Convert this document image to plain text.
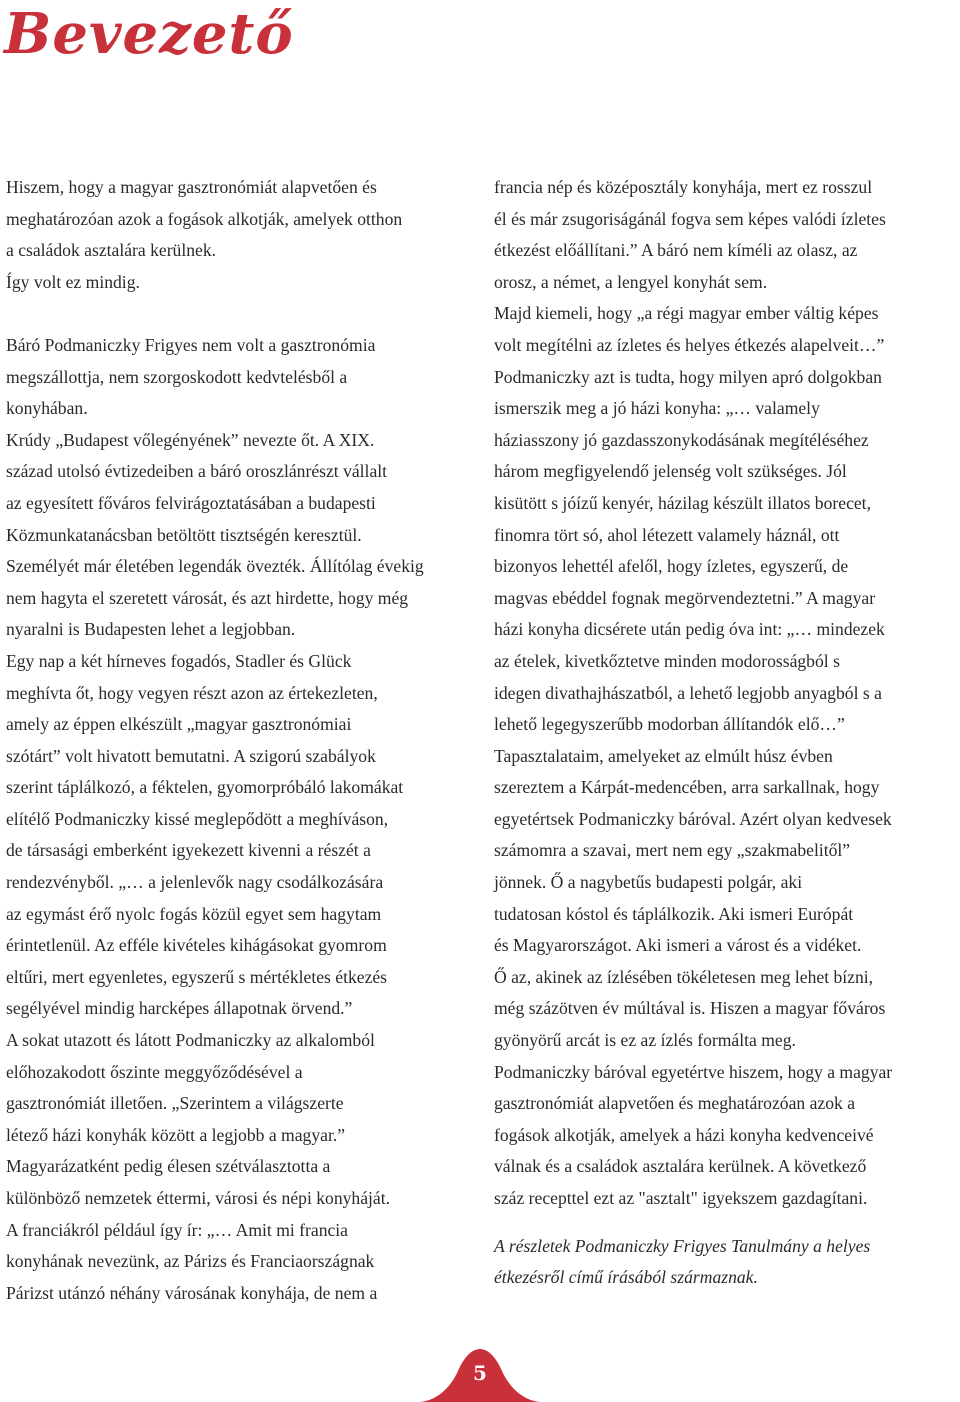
Bevezető
Hiszem, hogy a magyar gasztronómiát alapvetően és
meghatározóan azok a fogások alkotják, amelyek otthon
a családok asztalára kerülnek.
Így volt ez mindig.
Báró Podmaniczky Frigyes nem volt a gasztronómia
megszállottja, nem szorgoskodott kedvtelésből a
konyhában.
Krúdy „Budapest vőlegényének” nevezte őt. A XIX.
század utolsó évtizedeiben a báró oroszlánrészt vállalt
az egyesített főváros felvirágoztatásában a budapesti
Közmunkatanácsban betöltött tisztségén keresztül.
Személyét már életében legendák övezték. Állítólag évekig
nem hagyta el szeretett városát, és azt hirdette, hogy még
nyaralni is Budapesten lehet a legjobban.
Egy nap a két hírneves fogadós, Stadler és Glück
meghívta őt, hogy vegyen részt azon az értekezleten,
amely az éppen elkészült „magyar gasztronómiai
szótárt” volt hivatott bemutatni. A szigorú szabályok
szerint táplálkozó, a féktelen, gyomorpróbáló lakomákat
elítélő Podmaniczky kissé meglepődött a meghíváson,
de társasági emberként igyekezett kivenni a részét a
rendezvényből. „… a jelenlevők nagy csodálkozására
az egymást érő nyolc fogás közül egyet sem hagytam
érintetlenül. Az efféle kivételes kihágásokat gyomrom
eltűri, mert egyenletes, egyszerű s mértékletes étkezés
segélyével mindig harcképes állapotnak örvend.”
A sokat utazott és látott Podmaniczky az alkalomból
előhozakodott őszinte meggyőződésével a
gasztronómiát illetően. „Szerintem a világszerte
létező házi konyhák között a legjobb a magyar.”
Magyarázatként pedig élesen szétválasztotta a
különböző nemzetek éttermi, városi és népi konyháját.
A franciákról például így ír: „… Amit mi francia
konyhának nevezünk, az Párizs és Franciaországnak
Párizst utánzó néhány városának konyhája, de nem a
francia nép és középosztály konyhája, mert ez rosszul
él és már zsugoriságánál fogva sem képes valódi ízletes
étkezést előállítani.” A báró nem kíméli az olasz, az
orosz, a német, a lengyel konyhát sem.
Majd kiemeli, hogy „a régi magyar ember váltig képes
volt megítélni az ízletes és helyes étkezés alapelveit…”
Podmaniczky azt is tudta, hogy milyen apró dolgokban
ismerszik meg a jó házi konyha: „… valamely
háziasszony jó gazdasszonykodásának megítéléséhez
három megfigyelendő jelenség volt szükséges. Jól
kisütött s jóízű kenyér, házilag készült illatos borecet,
finomra tört só, ahol létezett valamely háznál, ott
bizonyos lehettél afelől, hogy ízletes, egyszerű, de
magvas ebéddel fognak megörvendeztetni.” A magyar
házi konyha dicsérete után pedig óva int: „… mindezek
az ételek, kivetkőztetve minden modorosságból s
idegen divathajhászatból, a lehető legjobb anyagból s a
lehető legegyszerűbb modorban állítandók elő…”
Tapasztalataim, amelyeket az elmúlt húsz évben
szereztem a Kárpát-medencében, arra sarkallnak, hogy
egyetértsek Podmaniczky báróval. Azért olyan kedvesek
számomra a szavai, mert nem egy „szakmabelitől”
jönnek. Ő a nagybetűs budapesti polgár, aki
tudatosan kóstol és táplálkozik. Aki ismeri Európát
és Magyarországot. Aki ismeri a várost és a vidéket.
Ő az, akinek az ízlésében tökéletesen meg lehet bízni,
még százötven év múltával is. Hiszen a magyar főváros
gyönyörű arcát is ez az ízlés formálta meg.
Podmaniczky báróval egyetértve hiszem, hogy a magyar
gasztronómiát alapvetően és meghatározóan azok a
fogások alkotják, amelyek a házi konyha kedvenceivé
válnak és a családok asztalára kerülnek. A következő
száz recepttel ezt az "asztalt" igyekszem gazdagítani.
A részletek Podmaniczky Frigyes Tanulmány a helyes
étkezésről című írásából származnak.
5
